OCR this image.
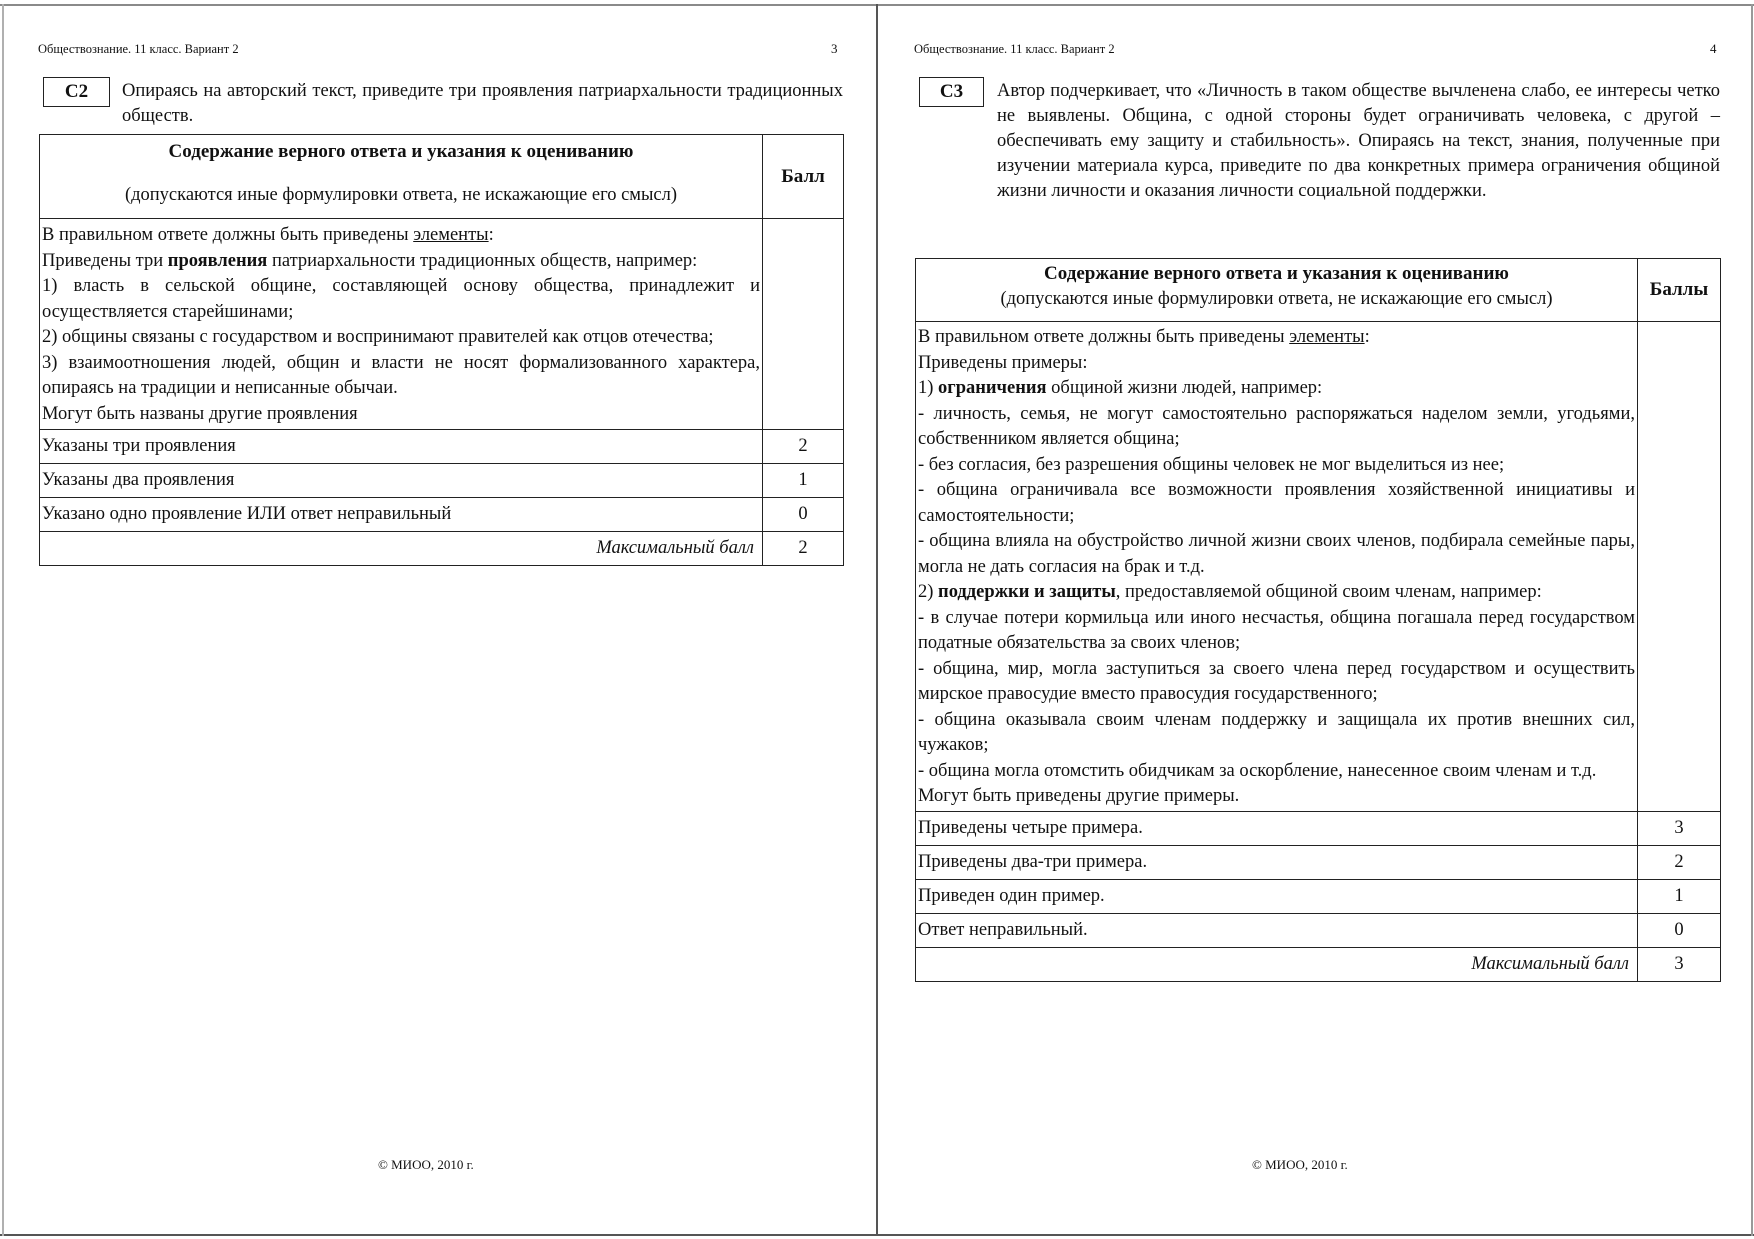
Обществознание. 11 класс. Вариант 2	3
С2	Опираясь на авторский текст, приведите три проявления патриархальности традиционных обществ.
Содержание верного ответа и указания к оцениванию
(допускаются иные формулировки ответа, не искажающие его смысл)	Балл

В правильном ответе должны быть приведены элементы:

Приведены три проявления патриархальности традиционных обществ, например:

1) власть в сельской общине, составляющей основу общества, принадлежит и осуществляется старейшинами;

2) общины связаны с государством и воспринимают правителей как отцов отечества;

3) взаимоотношения людей, общин и власти не носят формализованного характера, опираясь на традиции и неписанные обычаи.

Могут быть названы другие проявления

Указаны три проявления	2
Указаны два проявления	1
Указано одно проявление ИЛИ ответ неправильный	0
Максимальный балл	2
© МИОО, 2010 г.
Обществознание. 11 класс. Вариант 2	4
С3	Автор подчеркивает, что «Личность в таком обществе вычленена слабо, ее интересы четко не выявлены. Община, с одной стороны будет ограничивать человека, с другой – обеспечивать ему защиту и стабильность». Опираясь на текст, знания, полученные при изучении материала курса, приведите по два конкретных примера ограничения общиной жизни личности и оказания личности социальной поддержки.
Содержание верного ответа и указания к оцениванию
(допускаются иные формулировки ответа, не искажающие его смысл)	Баллы

В правильном ответе должны быть приведены элементы:

Приведены примеры:

1) ограничения общиной жизни людей, например:

- личность, семья, не могут самостоятельно распоряжаться наделом земли, угодьями, собственником является община;

- без согласия, без разрешения общины человек не мог выделиться из нее;

- община ограничивала все возможности проявления хозяйственной инициативы и самостоятельности;

- община влияла на обустройство личной жизни своих членов, подбирала семейные пары, могла не дать согласия на брак и т.д.

2) поддержки и защиты, предоставляемой общиной своим членам, например:

- в случае потери кормильца или иного несчастья, община погашала перед государством податные обязательства за своих членов;

- община, мир, могла заступиться за своего члена перед государством и осуществить мирское правосудие вместо правосудия государственного;

- община оказывала своим членам поддержку и защищала их против внешних сил, чужаков;

- община могла отомстить обидчикам за оскорбление, нанесенное своим членам и т.д.

Могут быть приведены другие примеры.

Приведены четыре примера.	3
Приведены два-три примера.	2
Приведен один пример.	1
Ответ неправильный.	0
Максимальный балл	3
© МИОО, 2010 г.
